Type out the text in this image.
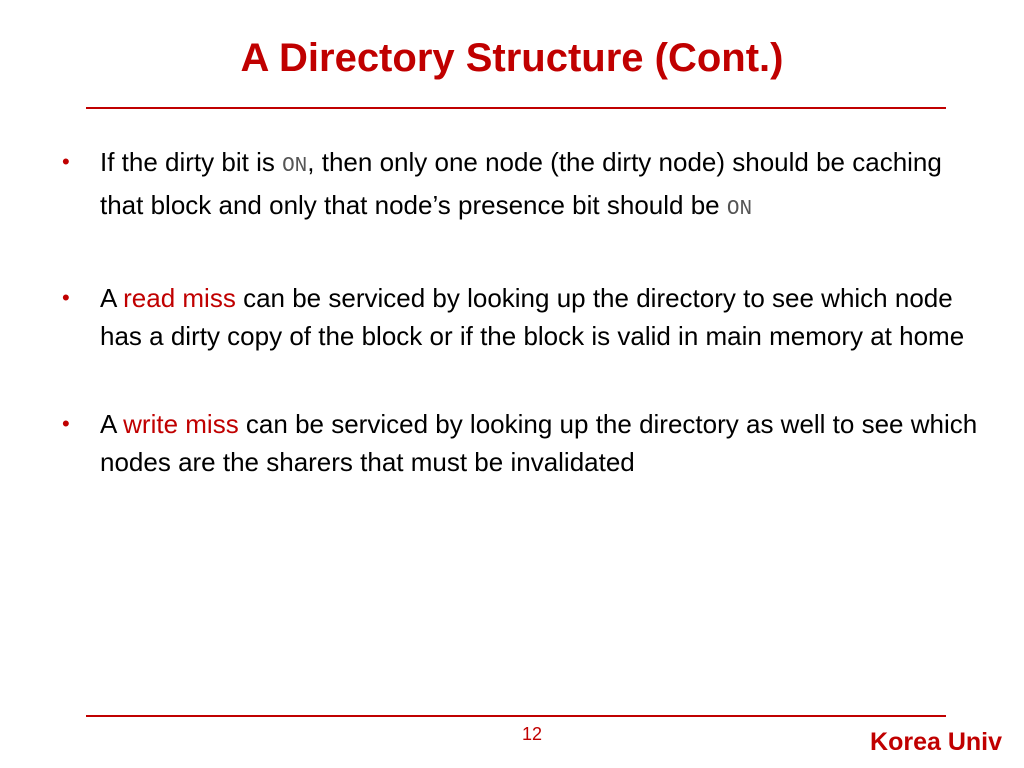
A Directory Structure (Cont.)
• If the dirty bit is ON, then only one node (the dirty node) should be caching that block and only that node’s presence bit should be ON
• A read miss can be serviced by looking up the directory to see which node has a dirty copy of the block or if the block is valid in main memory at home
• A write miss can be serviced by looking up the directory as well to see which nodes are the sharers that must be invalidated
12	Korea Univ
